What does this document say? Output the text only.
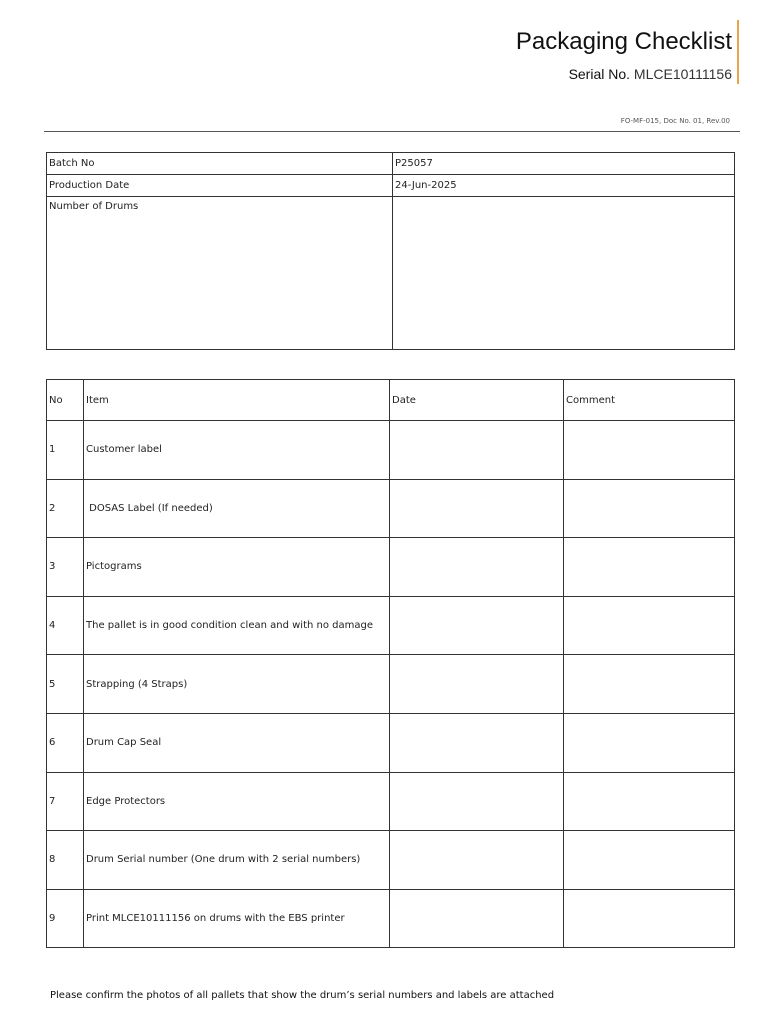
Packaging Checklist
Serial No. MLCE10111156
FO-MF-015, Doc No. 01, Rev.00
Batch No	P25057
Production Date	24-Jun-2025
Number of Drums	
No	Item	Date	Comment
1	Customer label		
2	DOSAS Label (If needed)		
3	Pictograms		
4	The pallet is in good condition clean and with no damage		
5	Strapping (4 Straps)		
6	Drum Cap Seal		
7	Edge Protectors		
8	Drum Serial number (One drum with 2 serial numbers)		
9	Print MLCE10111156 on drums with the EBS printer		
Please confirm the photos of all pallets that show the drum’s serial numbers and labels are attached
